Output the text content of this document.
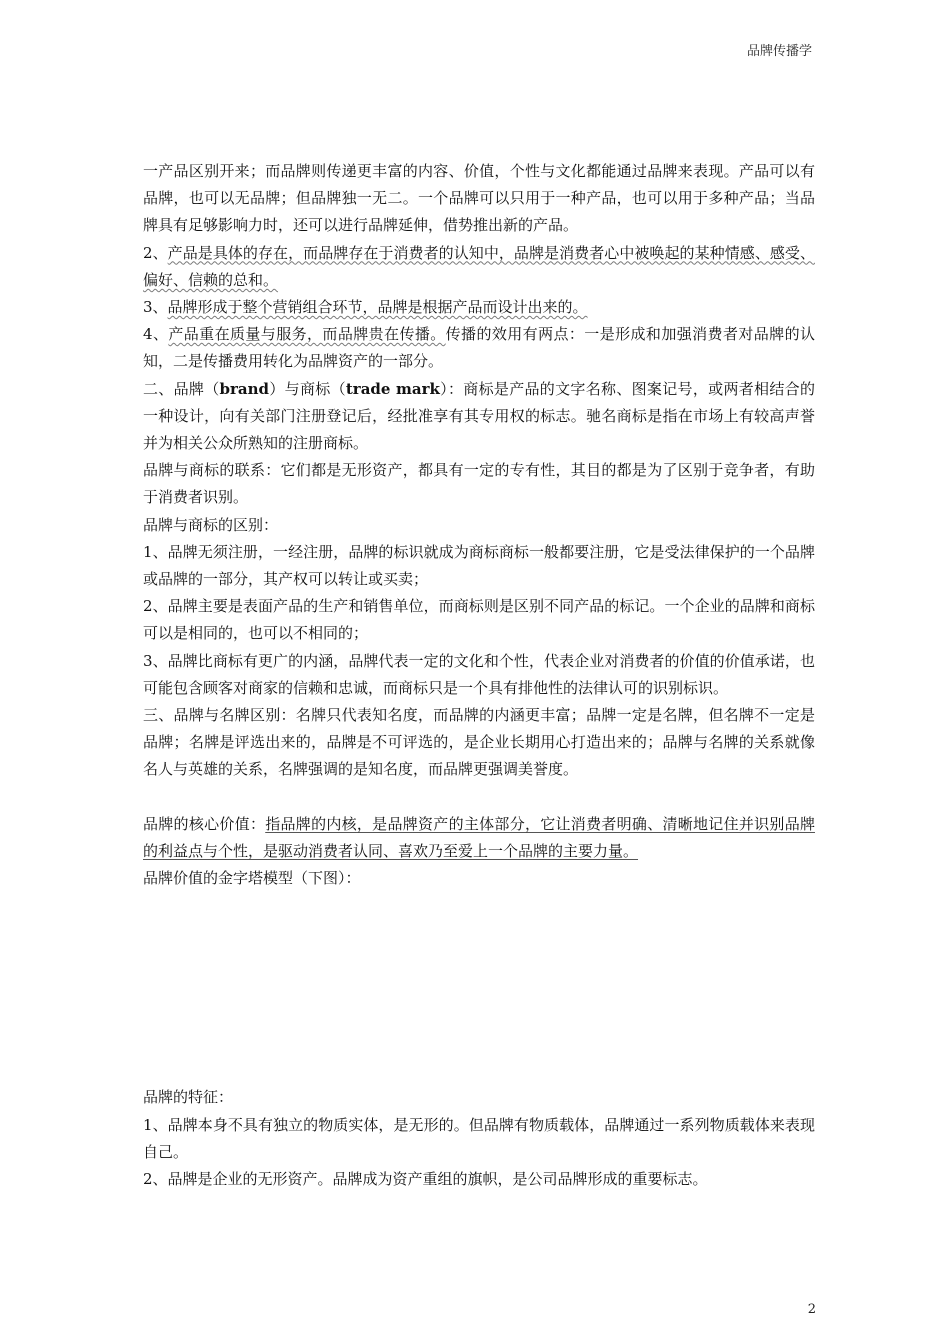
品牌传播学

一产品区别开来；而品牌则传递更丰富的内容、价值，个性与文化都能通过品牌来表现。产品可以有品牌，也可以无品牌；但品牌独一无二。一个品牌可以只用于一种产品，也可以用于多种产品；当品牌具有足够影响力时，还可以进行品牌延伸，借势推出新的产品。

2、产品是具体的存在，而品牌存在于消费者的认知中，品牌是消费者心中被唤起的某种情感、感受、偏好、信赖的总和。

3、品牌形成于整个营销组合环节，品牌是根据产品而设计出来的。

4、产品重在质量与服务，而品牌贵在传播。传播的效用有两点：一是形成和加强消费者对品牌的认知，二是传播费用转化为品牌资产的一部分。

二、品牌（brand）与商标（trade mark）：商标是产品的文字名称、图案记号，或两者相结合的一种设计，向有关部门注册登记后，经批准享有其专用权的标志。驰名商标是指在市场上有较高声誉并为相关公众所熟知的注册商标。

品牌与商标的联系：它们都是无形资产，都具有一定的专有性，其目的都是为了区别于竞争者，有助于消费者识别。

品牌与商标的区别：

1、品牌无须注册，一经注册，品牌的标识就成为商标商标一般都要注册，它是受法律保护的一个品牌或品牌的一部分，其产权可以转让或买卖；

2、品牌主要是表面产品的生产和销售单位，而商标则是区别不同产品的标记。一个企业的品牌和商标可以是相同的，也可以不相同的；

3、品牌比商标有更广的内涵，品牌代表一定的文化和个性，代表企业对消费者的价值的价值承诺，也可能包含顾客对商家的信赖和忠诚，而商标只是一个具有排他性的法律认可的识别标识。

三、品牌与名牌区别：名牌只代表知名度，而品牌的内涵更丰富；品牌一定是名牌，但名牌不一定是品牌；名牌是评选出来的，品牌是不可评选的，是企业长期用心打造出来的；品牌与名牌的关系就像名人与英雄的关系，名牌强调的是知名度，而品牌更强调美誉度。

品牌的核心价值：指品牌的内核，是品牌资产的主体部分，它让消费者明确、清晰地记住并识别品牌的利益点与个性，是驱动消费者认同、喜欢乃至爱上一个品牌的主要力量。

品牌价值的金字塔模型（下图）：

品牌的特征：

1、品牌本身不具有独立的物质实体，是无形的。但品牌有物质载体，品牌通过一系列物质载体来表现自己。

2、品牌是企业的无形资产。品牌成为资产重组的旗帜，是公司品牌形成的重要标志。

2
